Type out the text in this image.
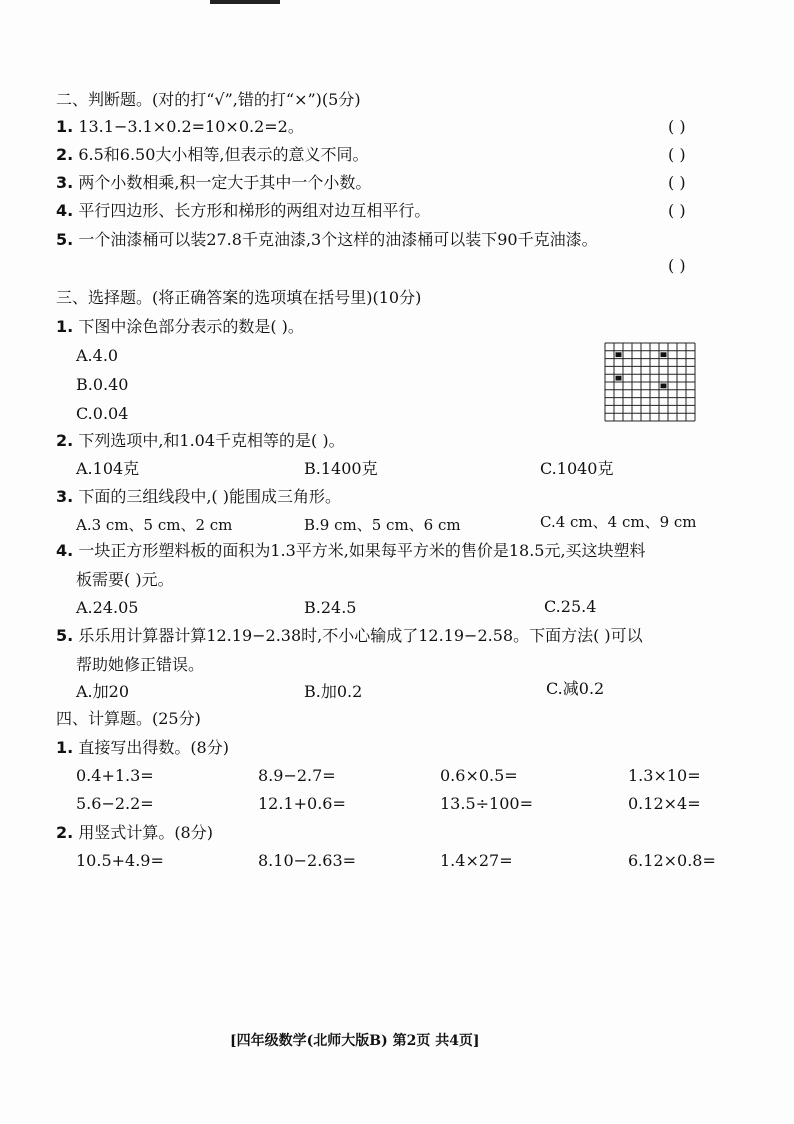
二、判断题。(对的打“√”,错的打“×”)(5分)
1. 13.1−3.1×0.2=10×0.2=2。	( )
2. 6.5和6.50大小相等,但表示的意义不同。	( )
3. 两个小数相乘,积一定大于其中一个小数。	( )
4. 平行四边形、长方形和梯形的两组对边互相平行。	( )
5. 一个油漆桶可以装27.8千克油漆,3个这样的油漆桶可以装下90千克油漆。
( )
三、选择题。(将正确答案的选项填在括号里)(10分)
1. 下图中涂色部分表示的数是( )。
A.4.0
B.0.40
C.0.04
2. 下列选项中,和1.04千克相等的是( )。
A.104克	B.1400克	C.1040克
3. 下面的三组线段中,( )能围成三角形。
A.3 cm、5 cm、2 cm	B.9 cm、5 cm、6 cm	C.4 cm、4 cm、9 cm
4. 一块正方形塑料板的面积为1.3平方米,如果每平方米的售价是18.5元,买这块塑料
板需要( )元。
A.24.05	B.24.5	C.25.4
5. 乐乐用计算器计算12.19−2.38时,不小心输成了12.19−2.58。下面方法( )可以
帮助她修正错误。
A.加20	B.加0.2	C.减0.2
四、计算题。(25分)
1. 直接写出得数。(8分)
0.4+1.3=	8.9−2.7=	0.6×0.5=	1.3×10=
5.6−2.2=	12.1+0.6=	13.5÷100=	0.12×4=
2. 用竖式计算。(8分)
10.5+4.9=	8.10−2.63=	1.4×27=	6.12×0.8=
[四年级数学(北师大版B) 第2页 共4页]
